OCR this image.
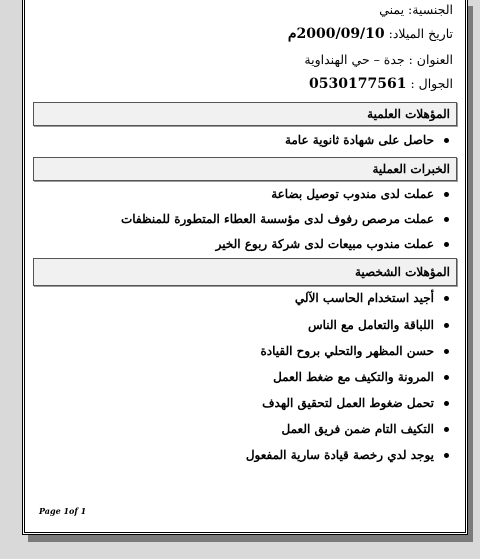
الجنسية: يمني
تاريخ الميلاد: 2000/09/10م
العنوان : جدة – حي الهنداوية
الجوال : 0530177561
المؤهلات العلمية
حاصل على شهادة ثانوية عامة
الخبرات العملية
عملت لدى مندوب توصيل بضاعة
عملت مرصص رفوف لدى مؤسسة العطاء المتطورة للمنظفات
عملت مندوب مبيعات لدى شركة ربوع الخير
المؤهلات الشخصية
أجيد استخدام الحاسب الآلي
اللباقة والتعامل مع الناس
حسن المظهر والتحلي بروح القيادة
المرونة والتكيف مع ضغط العمل
تحمل ضغوط العمل لتحقيق الهدف
التكيف التام ضمن فريق العمل
يوجد لدي رخصة قيادة سارية المفعول
Page 1of 1
